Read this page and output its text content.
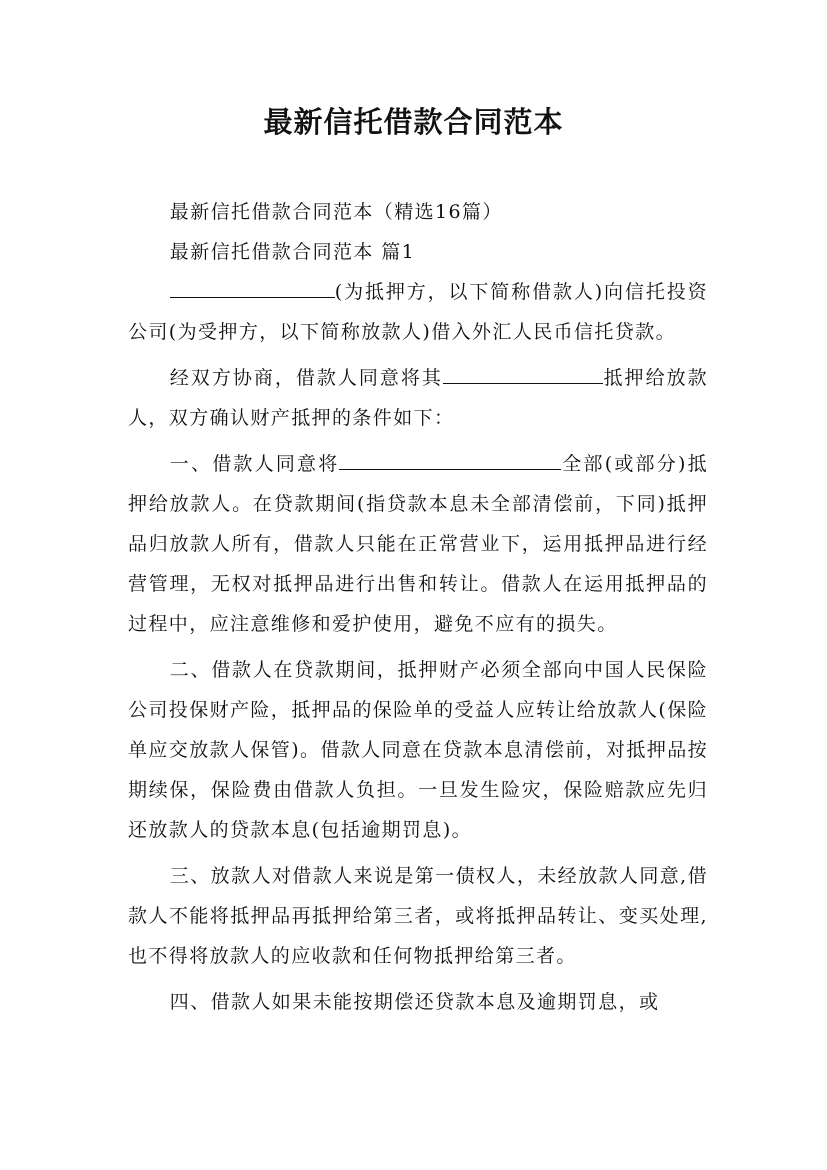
最新信托借款合同范本

最新信托借款合同范本（精选16篇）

最新信托借款合同范本 篇1

(为抵押方，以下简称借款人)向信托投资公司(为受押方，以下简称放款人)借入外汇人民币信托贷款。

经双方协商，借款人同意将其	抵押给放款人，双方确认财产抵押的条件如下：

一、借款人同意将	全部(或部分)抵押给放款人。在贷款期间(指贷款本息未全部清偿前，下同)抵押品归放款人所有，借款人只能在正常营业下，运用抵押品进行经营管理，无权对抵押品进行出售和转让。借款人在运用抵押品的过程中，应注意维修和爱护使用，避免不应有的损失。

二、借款人在贷款期间，抵押财产必须全部向中国人民保险公司投保财产险，抵押品的保险单的受益人应转让给放款人(保险单应交放款人保管)。借款人同意在贷款本息清偿前，对抵押品按期续保，保险费由借款人负担。一旦发生险灾，保险赔款应先归还放款人的贷款本息(包括逾期罚息)。

三、放款人对借款人来说是第一债权人，未经放款人同意,借款人不能将抵押品再抵押给第三者，或将抵押品转让、变买处理,也不得将放款人的应收款和任何物抵押给第三者。

四、借款人如果未能按期偿还贷款本息及逾期罚息，或
